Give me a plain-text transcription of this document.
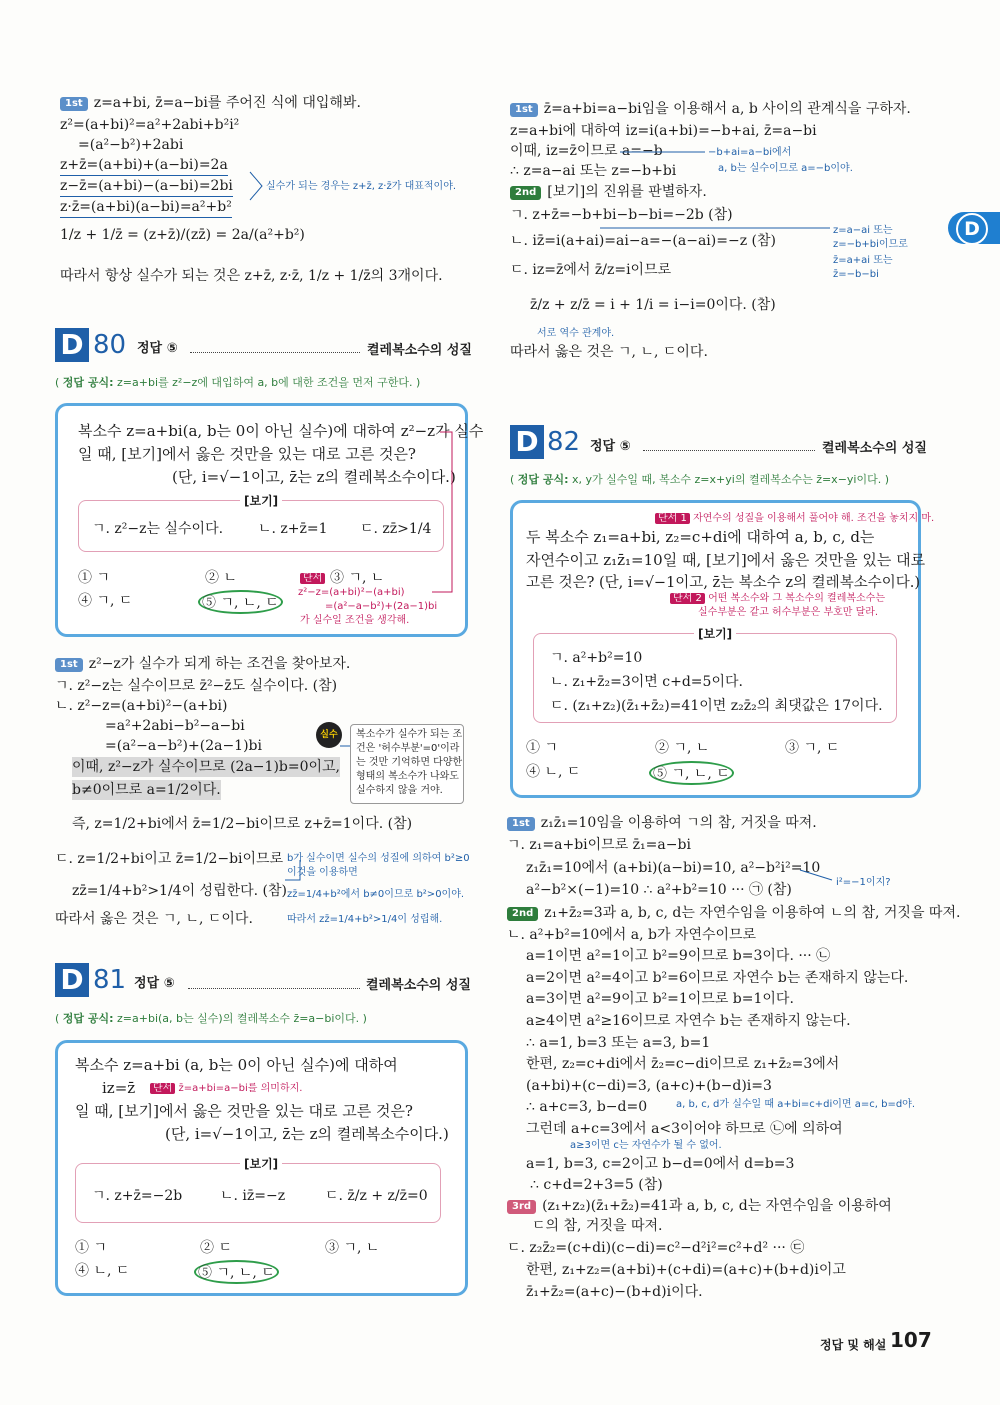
D
1st z=a+bi, z̄=a−bi를 주어진 식에 대입해봐.
z²=(a+bi)²=a²+2abi+b²i²
=(a²−b²)+2abi
z+z̄=(a+bi)+(a−bi)=2a
z−z̄=(a+bi)−(a−bi)=2bi
z·z̄=(a+bi)(a−bi)=a²+b²
1/z + 1/z̄ = (z+z̄)/(zz̄) = 2a/(a²+b²)
실수가 되는 경우는 z+z̄, z·z̄가 대표적이야.
따라서 항상 실수가 되는 것은 z+z̄, z·z̄, 1/z + 1/z̄의 3개이다.
D 80 정답 ⑤	켤레복소수의 성질
( 정답 공식: z=a+bi를 z²−z에 대입하여 a, b에 대한 조건을 먼저 구한다. )
복소수 z=a+bi(a, b는 0이 아닌 실수)에 대하여 z²−z가 실수
일 때, [보기]에서 옳은 것만을 있는 대로 고른 것은?
(단, i=√−1이고, z̄는 z의 켤레복소수이다.)
[보기]
ㄱ. z²−z는 실수이다. ㄴ. z+z̄=1 ㄷ. zz̄>1/4
① ㄱ	② ㄴ	③ ㄱ, ㄴ
④ ㄱ, ㄷ	⑤ ㄱ, ㄴ, ㄷ
단서
z²−z=(a+bi)²−(a+bi)
=(a²−a−b²)+(2a−1)bi
가 실수일 조건을 생각해.
1st z²−z가 실수가 되게 하는 조건을 찾아보자.
ㄱ. z²−z는 실수이므로 z̄²−z̄도 실수이다. (참)
ㄴ. z²−z=(a+bi)²−(a+bi)
=a²+2abi−b²−a−bi
=(a²−a−b²)+(2a−1)bi
이때, z²−z가 실수이므로 (2a−1)b=0이고,
b≠0이므로 a=1/2이다.
즉, z=1/2+bi에서 z̄=1/2−bi이므로 z+z̄=1이다. (참)
ㄷ. z=1/2+bi이고 z̄=1/2−bi이므로
zz̄=1/4+b²>1/4이 성립한다. (참)
따라서 옳은 것은 ㄱ, ㄴ, ㄷ이다.
실수	복소수가 실수가 되는 조
건은 '허수부분'=0'이라
는 것만 기억하면 다양한
형태의 복소수가 나와도
실수하지 않을 거야.
b가 실수이면 실수의 성질에 의하여 b²≥0
이것을 이용하면
zz̄=1/4+b²에서 b≠0이므로 b²>0이야.
따라서 zz̄=1/4+b²>1/4이 성립해.
D 81 정답 ⑤	켤레복소수의 성질
( 정답 공식: z=a+bi(a, b는 실수)의 켤레복소수 z̄=a−bi이다. )
복소수 z=a+bi (a, b는 0이 아닌 실수)에 대하여
iz=z̄	단서 z̄=a+bi=a−bi를 의미하지.
일 때, [보기]에서 옳은 것만을 있는 대로 고른 것은?
(단, i=√−1이고, z̄는 z의 켤레복소수이다.)
[보기]
ㄱ. z+z̄=−2b	ㄴ. iz̄=−z	ㄷ. z̄/z + z/z̄=0
① ㄱ	② ㄷ	③ ㄱ, ㄴ
④ ㄴ, ㄷ	⑤ ㄱ, ㄴ, ㄷ
1st z̄=a+bi=a−bi임을 이용해서 a, b 사이의 관계식을 구하자.
z=a+bi에 대하여 iz=i(a+bi)=−b+ai, z̄=a−bi
이때, iz=z̄이므로 a=−b
∴ z=a−ai 또는 z=−b+bi
−b+ai=a−bi에서
a, b는 실수이므로 a=−b이야.
2nd [보기]의 진위를 판별하자.
ㄱ. z+z̄=−b+bi−b−bi=−2b (참)
ㄴ. iz̄=i(a+ai)=ai−a=−(a−ai)=−z (참)
ㄷ. iz=z̄에서 z̄/z=i이므로
z̄/z + z/z̄ = i + 1/i = i−i=0이다. (참)
서로 역수 관계야.
따라서 옳은 것은 ㄱ, ㄴ, ㄷ이다.
z=a−ai 또는
z=−b+bi이므로
z̄=a+ai 또는
z̄=−b−bi
D 82 정답 ⑤	켤레복소수의 성질
( 정답 공식: x, y가 실수일 때, 복소수 z=x+yi의 켤레복소수는 z̄=x−yi이다. )
단서 1 자연수의 성질을 이용해서 풀어야 해. 조건을 놓치지 마.
두 복소수 z₁=a+bi, z₂=c+di에 대하여 a, b, c, d는
자연수이고 z₁z̄₁=10일 때, [보기]에서 옳은 것만을 있는 대로
고른 것은? (단, i=√−1이고, z̄는 복소수 z의 켤레복소수이다.)
단서 2 어떤 복소수와 그 복소수의 켤레복소수는
실수부분은 같고 허수부분은 부호만 달라.
[보기]
ㄱ. a²+b²=10
ㄴ. z₁+z̄₂=3이면 c+d=5이다.
ㄷ. (z₁+z₂)(z̄₁+z̄₂)=41이면 z₂z̄₂의 최댓값은 17이다.
① ㄱ	② ㄱ, ㄴ	③ ㄱ, ㄷ
④ ㄴ, ㄷ	⑤ ㄱ, ㄴ, ㄷ
1st z₁z̄₁=10임을 이용하여 ㄱ의 참, 거짓을 따져.
ㄱ. z₁=a+bi이므로 z̄₁=a−bi
z₁z̄₁=10에서 (a+bi)(a−bi)=10, a²−b²i²=10
a²−b²×(−1)=10 ∴ a²+b²=10 ··· ㉠ (참)	i²=−1이지?
2nd z₁+z̄₂=3과 a, b, c, d는 자연수임을 이용하여 ㄴ의 참, 거짓을 따져.
ㄴ. a²+b²=10에서 a, b가 자연수이므로
a=1이면 a²=1이고 b²=9이므로 b=3이다. ··· ㉡
a=2이면 a²=4이고 b²=6이므로 자연수 b는 존재하지 않는다.
a=3이면 a²=9이고 b²=1이므로 b=1이다.
a≥4이면 a²≥16이므로 자연수 b는 존재하지 않는다.
∴ a=1, b=3 또는 a=3, b=1
한편, z₂=c+di에서 z̄₂=c−di이므로 z₁+z̄₂=3에서
(a+bi)+(c−di)=3, (a+c)+(b−d)i=3
∴ a+c=3, b−d=0	a, b, c, d가 실수일 때 a+bi=c+di이면 a=c, b=d야.
그런데 a+c=3에서 a<3이어야 하므로 ㉡에 의하여
a≥3이면 c는 자연수가 될 수 없어.
a=1, b=3, c=2이고 b−d=0에서 d=b=3
∴ c+d=2+3=5 (참)
3rd (z₁+z₂)(z̄₁+z̄₂)=41과 a, b, c, d는 자연수임을 이용하여
ㄷ의 참, 거짓을 따져.
ㄷ. z₂z̄₂=(c+di)(c−di)=c²−d²i²=c²+d² ··· ㉢
한편, z₁+z₂=(a+bi)+(c+di)=(a+c)+(b+d)i이고
z̄₁+z̄₂=(a+c)−(b+d)i이다.
정답 및 해설 107
